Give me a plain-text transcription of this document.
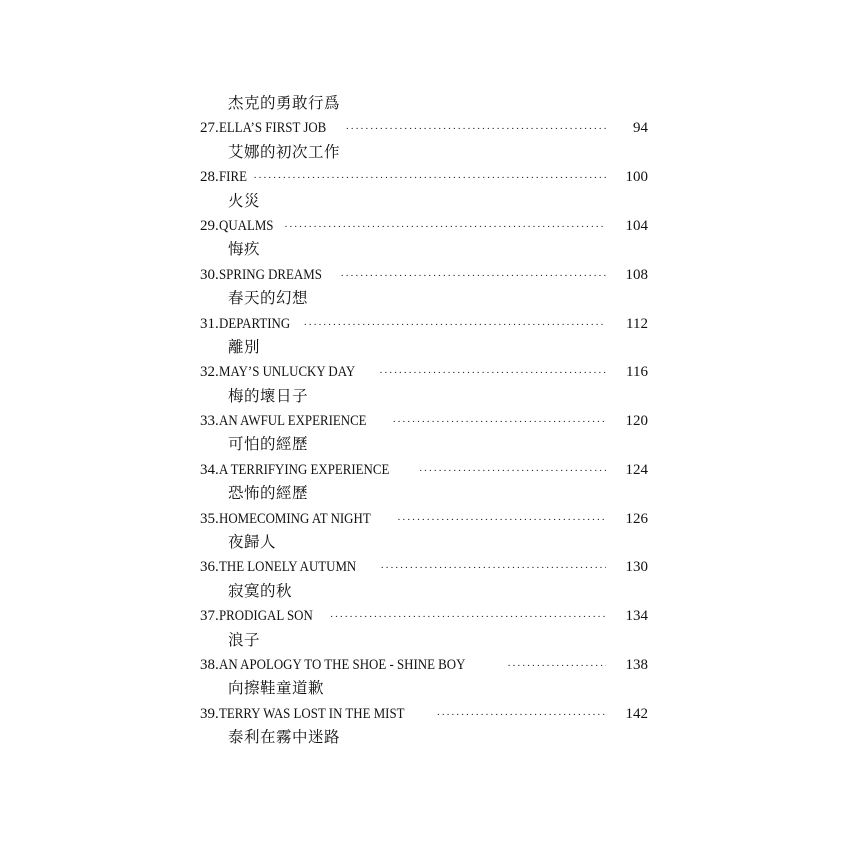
杰克的勇敢行爲
27. ELLA’S FIRST JOB ·····	94
艾娜的初次工作
28. FIRE ·····	100
火災
29. QUALMS ·····	104
悔疚
30. SPRING DREAMS ·····	108
春天的幻想
31. DEPARTING ·····	112
離別
32. MAY’S UNLUCKY DAY ·····	116
梅的壞日子
33. AN AWFUL EXPERIENCE ·····	120
可怕的經歷
34. A TERRIFYING EXPERIENCE ·····	124
恐怖的經歷
35. HOMECOMING AT NIGHT ·····	126
夜歸人
36. THE LONELY AUTUMN ·····	130
寂寞的秋
37. PRODIGAL SON ·····	134
浪子
38. AN APOLOGY TO THE SHOE - SHINE BOY ·····	138
向擦鞋童道歉
39. TERRY WAS LOST IN THE MIST ·····	142
泰利在霧中迷路
